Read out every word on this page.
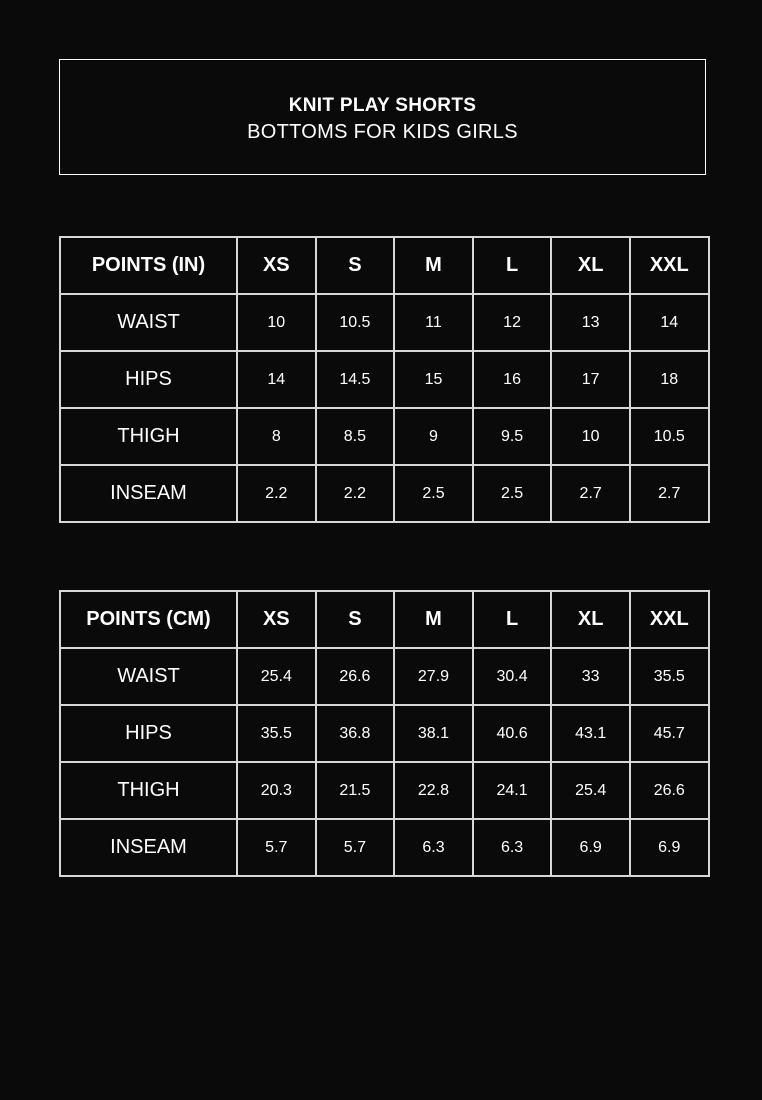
KNIT PLAY SHORTS
BOTTOMS FOR KIDS GIRLS
POINTS (IN)	XS	S	M	L	XL	XXL
WAIST	10	10.5	11	12	13	14
HIPS	14	14.5	15	16	17	18
THIGH	8	8.5	9	9.5	10	10.5
INSEAM	2.2	2.2	2.5	2.5	2.7	2.7
POINTS (CM)	XS	S	M	L	XL	XXL
WAIST	25.4	26.6	27.9	30.4	33	35.5
HIPS	35.5	36.8	38.1	40.6	43.1	45.7
THIGH	20.3	21.5	22.8	24.1	25.4	26.6
INSEAM	5.7	5.7	6.3	6.3	6.9	6.9
